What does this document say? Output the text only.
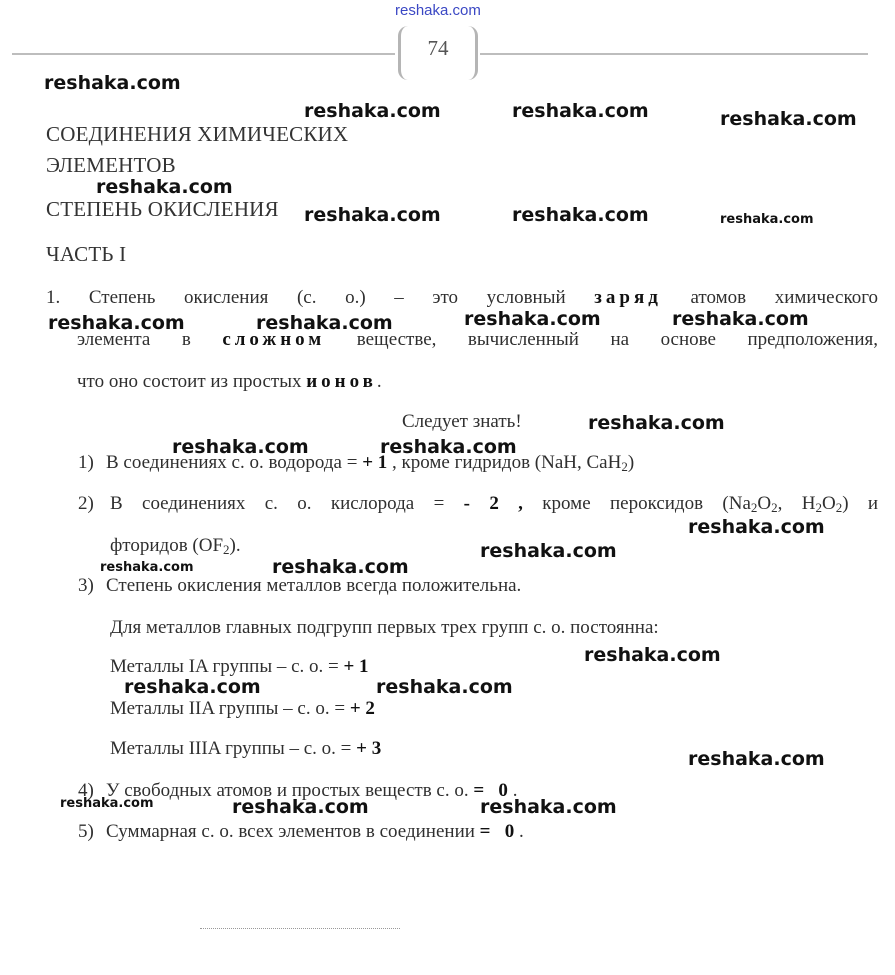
reshaka.com
74
СОЕДИНЕНИЯ ХИМИЧЕСКИХ
ЭЛЕМЕНТОВ
СТЕПЕНЬ ОКИСЛЕНИЯ
ЧАСТЬ I
1. Степень окисления (с. о.) – это условный заряд атомов химического
элемента в сложном веществе, вычисленный на основе предположения,
что оно состоит из простых ионов.
Следует знать!
1) В соединениях с. о. водорода = + 1 , кроме гидридов (NaH, CaH$_2$)
2) В соединениях с. о. кислорода = - 2 , кроме пероксидов ($Na_2O_2$, $H_2O_2$) и
фторидов $(OF_2)$.
3) Степень окисления металлов всегда положительна.
Для металлов главных подгрупп первых трех групп с. о. постоянна:
Металлы IA группы – с. о. = + 1
Металлы IIA группы – с. о. = + 2
Металлы IIIA группы – с. о. = + 3
4) У свободных атомов и простых веществ с. о. =   0 .
5) Суммарная с. о. всех элементов в соединении =   0 .
reshaka.com
reshaka.com	reshaka.com	reshaka.com
reshaka.com
reshaka.com	reshaka.com	reshaka.com
reshaka.com	reshaka.com	reshaka.com	reshaka.com
reshaka.com
reshaka.com	reshaka.com
reshaka.com
reshaka.com
reshaka.com	reshaka.com
reshaka.com
reshaka.com	reshaka.com
reshaka.com
reshaka.com	reshaka.com	reshaka.com
